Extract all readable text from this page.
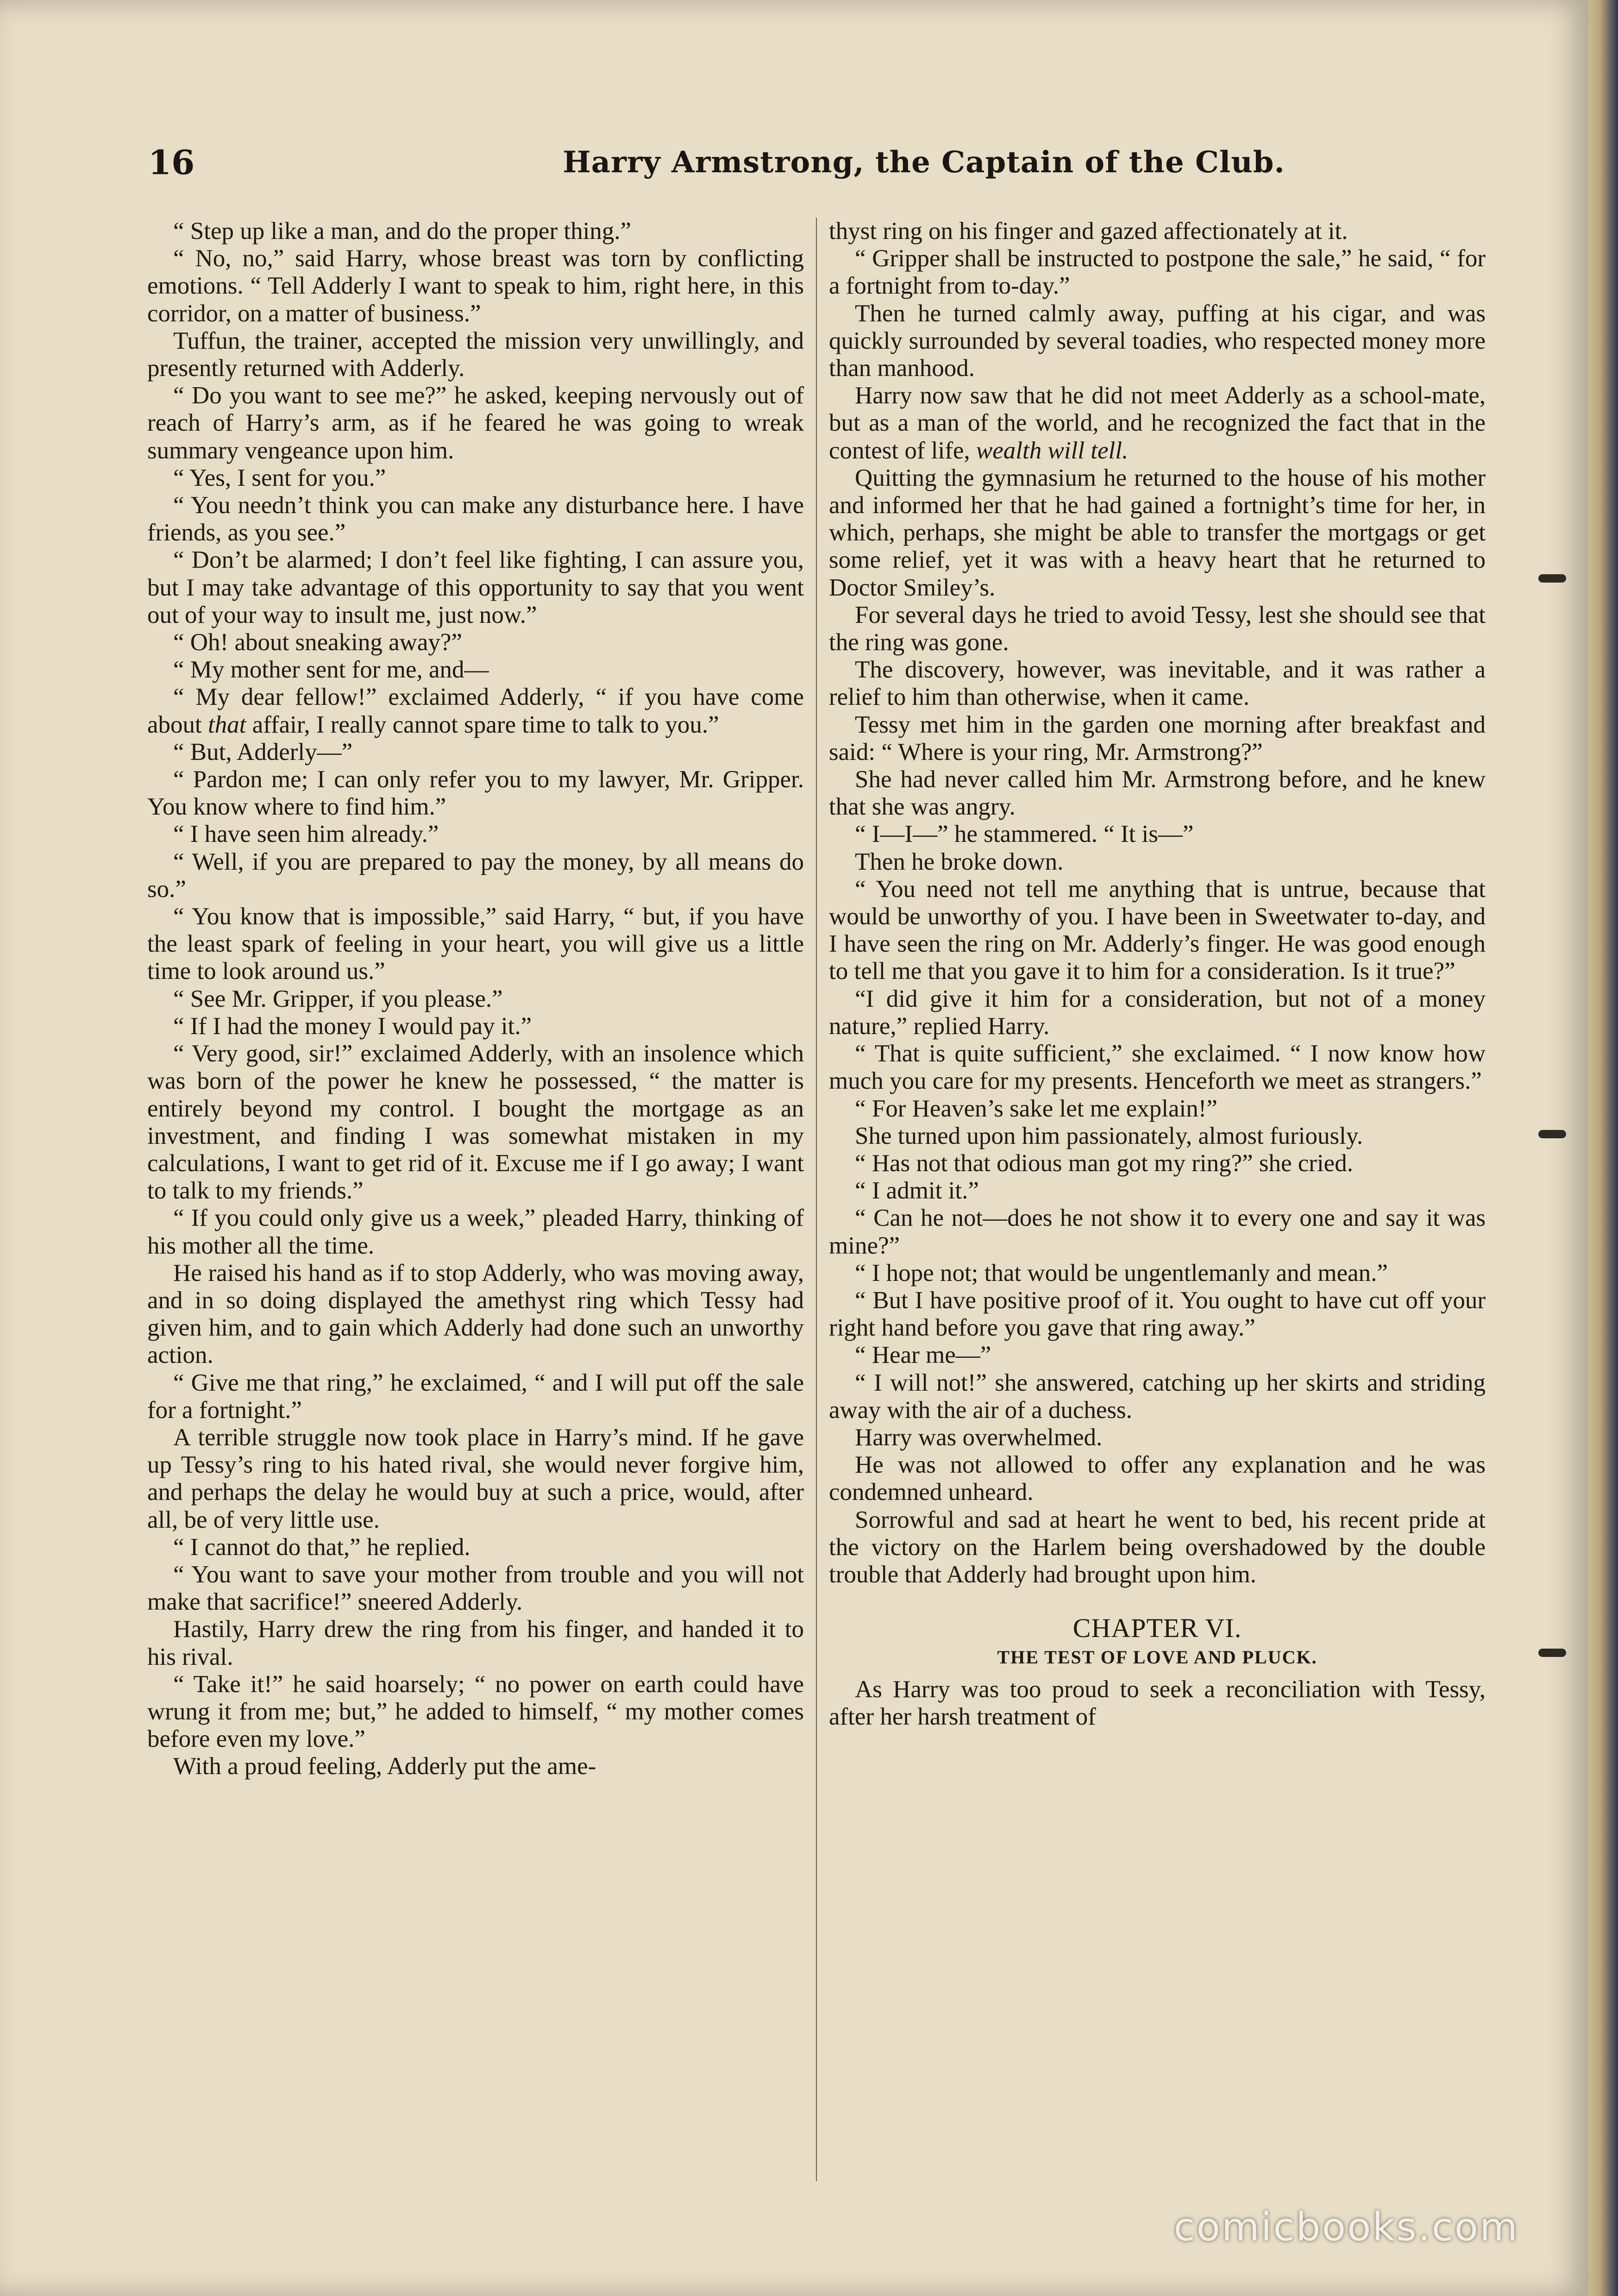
16	Harry Armstrong, the Captain of the Club.

“ Step up like a man, and do the proper thing.”

“ No, no,” said Harry, whose breast was torn by conflicting emotions. “ Tell Adderly I want to speak to him, right here, in this corridor, on a matter of business.”

Tuffun, the trainer, accepted the mission very unwillingly, and presently returned with Adderly.

“ Do you want to see me?” he asked, keeping nervously out of reach of Harry’s arm, as if he feared he was going to wreak summary vengeance upon him.

“ Yes, I sent for you.”

“ You needn’t think you can make any disturbance here. I have friends, as you see.”

“ Don’t be alarmed; I don’t feel like fighting, I can assure you, but I may take advantage of this opportunity to say that you went out of your way to insult me, just now.”

“ Oh! about sneaking away?”

“ My mother sent for me, and—

“ My dear fellow!” exclaimed Adderly, “ if you have come about that affair, I really cannot spare time to talk to you.”

“ But, Adderly—”

“ Pardon me; I can only refer you to my lawyer, Mr. Gripper. You know where to find him.”

“ I have seen him already.”

“ Well, if you are prepared to pay the money, by all means do so.”

“ You know that is impossible,” said Harry, “ but, if you have the least spark of feeling in your heart, you will give us a little time to look around us.”

“ See Mr. Gripper, if you please.”

“ If I had the money I would pay it.”

“ Very good, sir!” exclaimed Adderly, with an insolence which was born of the power he knew he possessed, “ the matter is entirely beyond my control. I bought the mortgage as an investment, and finding I was somewhat mistaken in my calculations, I want to get rid of it. Excuse me if I go away; I want to talk to my friends.”

“ If you could only give us a week,” pleaded Harry, thinking of his mother all the time.

He raised his hand as if to stop Adderly, who was moving away, and in so doing displayed the amethyst ring which Tessy had given him, and to gain which Adderly had done such an unworthy action.

“ Give me that ring,” he exclaimed, “ and I will put off the sale for a fortnight.”

A terrible struggle now took place in Harry’s mind. If he gave up Tessy’s ring to his hated rival, she would never forgive him, and perhaps the delay he would buy at such a price, would, after all, be of very little use.

“ I cannot do that,” he replied.

“ You want to save your mother from trouble and you will not make that sacrifice!” sneered Adderly.

Hastily, Harry drew the ring from his finger, and handed it to his rival.

“ Take it!” he said hoarsely; “ no power on earth could have wrung it from me; but,” he added to himself, “ my mother comes before even my love.”

With a proud feeling, Adderly put the ame-

thyst ring on his finger and gazed affectionately at it.

“ Gripper shall be instructed to postpone the sale,” he said, “ for a fortnight from to-day.”

Then he turned calmly away, puffing at his cigar, and was quickly surrounded by several toadies, who respected money more than manhood.

Harry now saw that he did not meet Adderly as a school-mate, but as a man of the world, and he recognized the fact that in the contest of life, wealth will tell.

Quitting the gymnasium he returned to the house of his mother and informed her that he had gained a fortnight’s time for her, in which, perhaps, she might be able to transfer the mortgags or get some relief, yet it was with a heavy heart that he returned to Doctor Smiley’s.

For several days he tried to avoid Tessy, lest she should see that the ring was gone.

The discovery, however, was inevitable, and it was rather a relief to him than otherwise, when it came.

Tessy met him in the garden one morning after breakfast and said: “ Where is your ring, Mr. Armstrong?”

She had never called him Mr. Armstrong before, and he knew that she was angry.

“ I—I—” he stammered. “ It is—”

Then he broke down.

“ You need not tell me anything that is untrue, because that would be unworthy of you. I have been in Sweetwater to-day, and I have seen the ring on Mr. Adderly’s finger. He was good enough to tell me that you gave it to him for a consideration. Is it true?”

“I did give it him for a consideration, but not of a money nature,” replied Harry.

“ That is quite sufficient,” she exclaimed. “ I now know how much you care for my presents. Henceforth we meet as strangers.”

“ For Heaven’s sake let me explain!”

She turned upon him passionately, almost furiously.

“ Has not that odious man got my ring?” she cried.

“ I admit it.”

“ Can he not—does he not show it to every one and say it was mine?”

“ I hope not; that would be ungentlemanly and mean.”

“ But I have positive proof of it. You ought to have cut off your right hand before you gave that ring away.”

“ Hear me—”

“ I will not!” she answered, catching up her skirts and striding away with the air of a duchess.

Harry was overwhelmed.

He was not allowed to offer any explanation and he was condemned unheard.

Sorrowful and sad at heart he went to bed, his recent pride at the victory on the Harlem being overshadowed by the double trouble that Adderly had brought upon him.

CHAPTER VI.

THE TEST OF LOVE AND PLUCK.

As Harry was too proud to seek a reconciliation with Tessy, after her harsh treatment of

comicbooks.com
